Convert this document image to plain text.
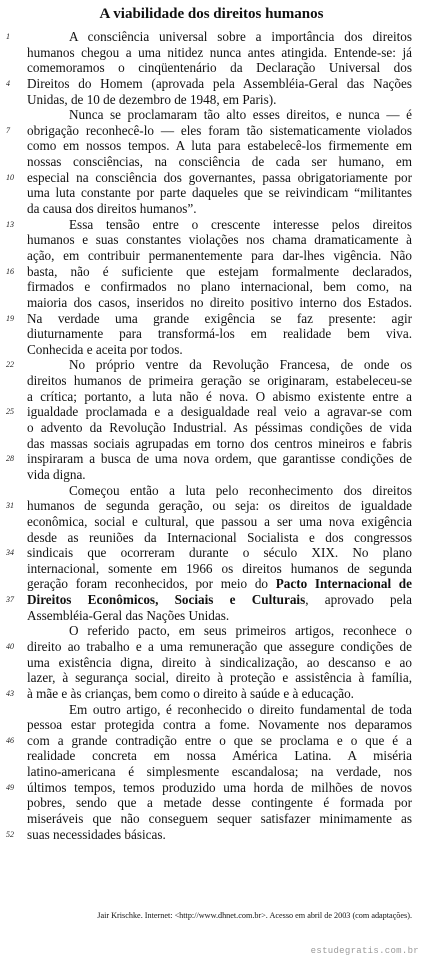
A viabilidade dos direitos humanos
1	A consciência universal sobre a importância dos direitos
humanos chegou a uma nitidez nunca antes atingida. Entende-se: já
comemoramos o cinqüentenário da Declaração Universal dos
4 Direitos do Homem (aprovada pela Assembléia-Geral das Nações
Unidas, de 10 de dezembro de 1948, em Paris).
Nunca se proclamaram tão alto esses direitos, e nunca — é
7 obrigação reconhecê-lo — eles foram tão sistematicamente violados
como em nossos tempos. A luta para estabelecê-los firmemente em
nossas consciências, na consciência de cada ser humano, em
10 especial na consciência dos governantes, passa obrigatoriamente por
uma luta constante por parte daqueles que se reivindicam “militantes
da causa dos direitos humanos”.
13	Essa tensão entre o crescente interesse pelos direitos
humanos e suas constantes violações nos chama dramaticamente à
ação, em contribuir permanentemente para dar-lhes vigência. Não
16 basta, não é suficiente que estejam formalmente declarados,
firmados e confirmados no plano internacional, bem como, na
maioria dos casos, inseridos no direito positivo interno dos Estados.
19 Na verdade uma grande exigência se faz presente: agir
diuturnamente para transformá-los em realidade bem viva.
Conhecida e aceita por todos.
22	No próprio ventre da Revolução Francesa, de onde os
direitos humanos de primeira geração se originaram, estabeleceu-se
a crítica; portanto, a luta não é nova. O abismo existente entre a
25 igualdade proclamada e a desigualdade real veio a agravar-se com
o advento da Revolução Industrial. As péssimas condições de vida
das massas sociais agrupadas em torno dos centros mineiros e fabris
28 inspiraram a busca de uma nova ordem, que garantisse condições de
vida digna.
Começou então a luta pelo reconhecimento dos direitos
31 humanos de segunda geração, ou seja: os direitos de igualdade
econômica, social e cultural, que passou a ser uma nova exigência
desde as reuniões da Internacional Socialista e dos congressos
34 sindicais que ocorreram durante o século XIX. No plano
internacional, somente em 1966 os direitos humanos de segunda
geração foram reconhecidos, por meio do Pacto Internacional de
37 Direitos Econômicos, Sociais e Culturais, aprovado pela
Assembléia-Geral das Nações Unidas.
O referido pacto, em seus primeiros artigos, reconhece o
40 direito ao trabalho e a uma remuneração que assegure condições de
uma existência digna, direito à sindicalização, ao descanso e ao
lazer, à segurança social, direito à proteção e assistência à família,
43 à mãe e às crianças, bem como o direito à saúde e à educação.
Em outro artigo, é reconhecido o direito fundamental de toda
pessoa estar protegida contra a fome. Novamente nos deparamos
46 com a grande contradição entre o que se proclama e o que é a
realidade concreta em nossa América Latina. A miséria
latino-americana é simplesmente escandalosa; na verdade, nos
49 últimos tempos, temos produzido uma horda de milhões de novos
pobres, sendo que a metade desse contingente é formada por
miseráveis que não conseguem sequer satisfazer minimamente as
52 suas necessidades básicas.
Jair Krischke. Internet: <http://www.dhnet.com.br>. Acesso em abril de 2003 (com adaptações).
estudegratis.com.br
